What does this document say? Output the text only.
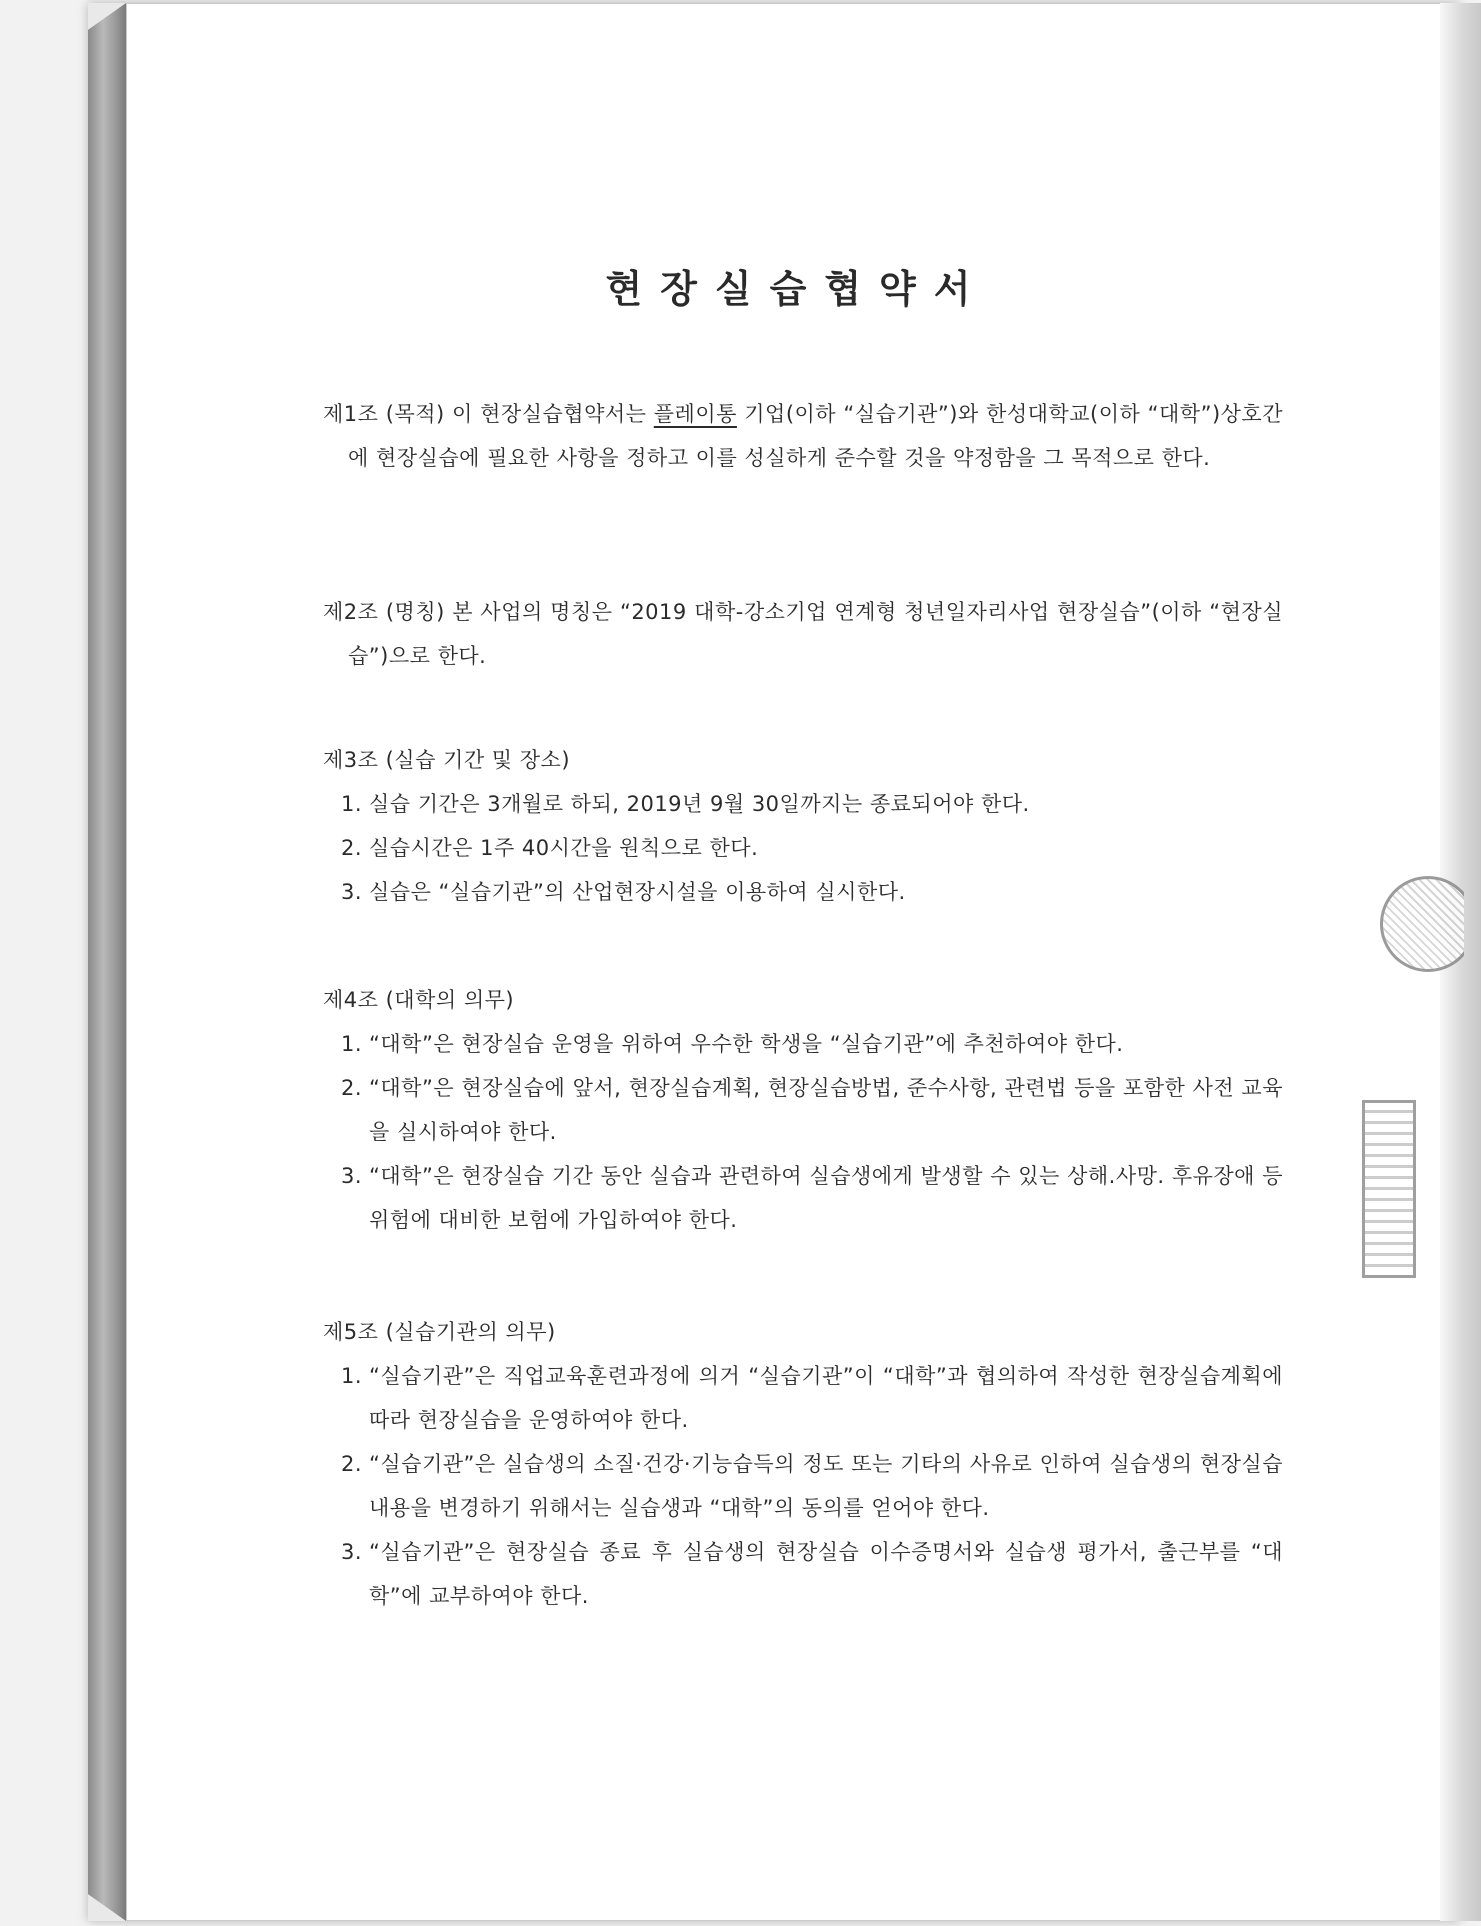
현장실습협약서

제1조 (목적) 이 현장실습협약서는 플레이통 기업(이하 “실습기관”)와 한성대학교(이하 “대학”)상호간에 현장실습에 필요한 사항을 정하고 이를 성실하게 준수할 것을 약정함을 그 목적으로 한다.

제2조 (명칭) 본 사업의 명칭은 “2019 대학-강소기업 연계형 청년일자리사업 현장실습”(이하 “현장실습”)으로 한다.

제3조 (실습 기간 및 장소)

1. 실습 기간은 3개월로 하되, 2019년 9월 30일까지는 종료되어야 한다.
2. 실습시간은 1주 40시간을 원칙으로 한다.
3. 실습은 “실습기관”의 산업현장시설을 이용하여 실시한다.

제4조 (대학의 의무)

1. “대학”은 현장실습 운영을 위하여 우수한 학생을 “실습기관”에 추천하여야 한다.
2. “대학”은 현장실습에 앞서, 현장실습계획, 현장실습방법, 준수사항, 관련법 등을 포함한 사전 교육을 실시하여야 한다.
3. “대학”은 현장실습 기간 동안 실습과 관련하여 실습생에게 발생할 수 있는 상해.사망. 후유장애 등 위험에 대비한 보험에 가입하여야 한다.

제5조 (실습기관의 의무)

1. “실습기관”은 직업교육훈련과정에 의거 “실습기관”이 “대학”과 협의하여 작성한 현장실습계획에 따라 현장실습을 운영하여야 한다.
2. “실습기관”은 실습생의 소질·건강·기능습득의 정도 또는 기타의 사유로 인하여 실습생의 현장실습내용을 변경하기 위해서는 실습생과 “대학”의 동의를 얻어야 한다.
3. “실습기관”은 현장실습 종료 후 실습생의 현장실습 이수증명서와 실습생 평가서, 출근부를 “대학”에 교부하여야 한다.
